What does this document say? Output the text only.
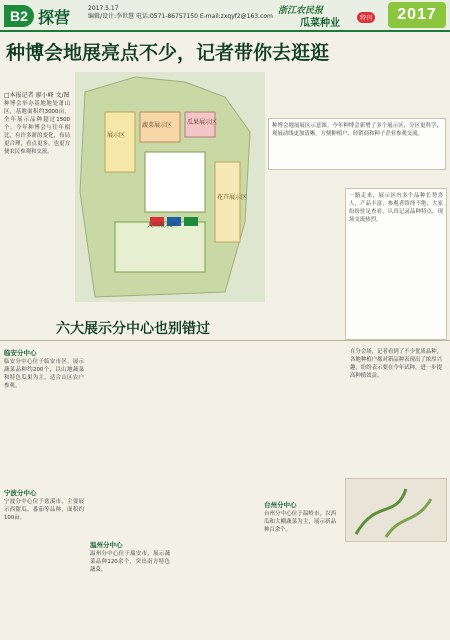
B2 探营	2017.5.17
编辑/设计:李世慧 电话:0571-86757150 E-mail:zxqyf2@163.com
浙江农民报
瓜菜种业	特刊	2017
种博会地展亮点不少，记者带你去逛逛
□本报记者 廖小峰 文/图
种博会举办基地地处萧山区，基地面积约3000亩，全年展示品种超过1500个。今年种博会与往年相比，有许多新的变化，布局更合理，看点更多，也更方便农民参观和交流。
展示区
大田展示区
蔬菜展示区 瓜果展示区
花卉展示区
种博会地展展区示意图。今年种博会新增了多个展示区，分区更科学，观展动线更加清晰，方便种植户、经销商和种子企业参观交流。
一路走来，展示区内多个品种长势喜人，产品丰富，参观者络绎不绝，大家纷纷驻足查看，认真记录品种特点，现场交流热烈。
六大展示分中心也别错过
临安分中心
临安分中心位于临安市区，展示蔬菜品种约200个，以山地蔬菜和特色瓜果为主，适合山区农户参观。
宁波分中心
宁波分中心位于慈溪市，主要展示西甜瓜、番茄等品种，面积约100亩。
温州分中心
温州分中心位于瑞安市，展示蔬菜品种120余个，突出南方特色蔬菜。
台州分中心
台州分中心位于温岭市，以西瓜和大棚蔬菜为主，展示新品种百余个。
在分会场，记者看到了不少优质品种，各地种植户都对新品种表现出了浓厚兴趣，纷纷表示要在今年试种，进一步提高种植效益。
